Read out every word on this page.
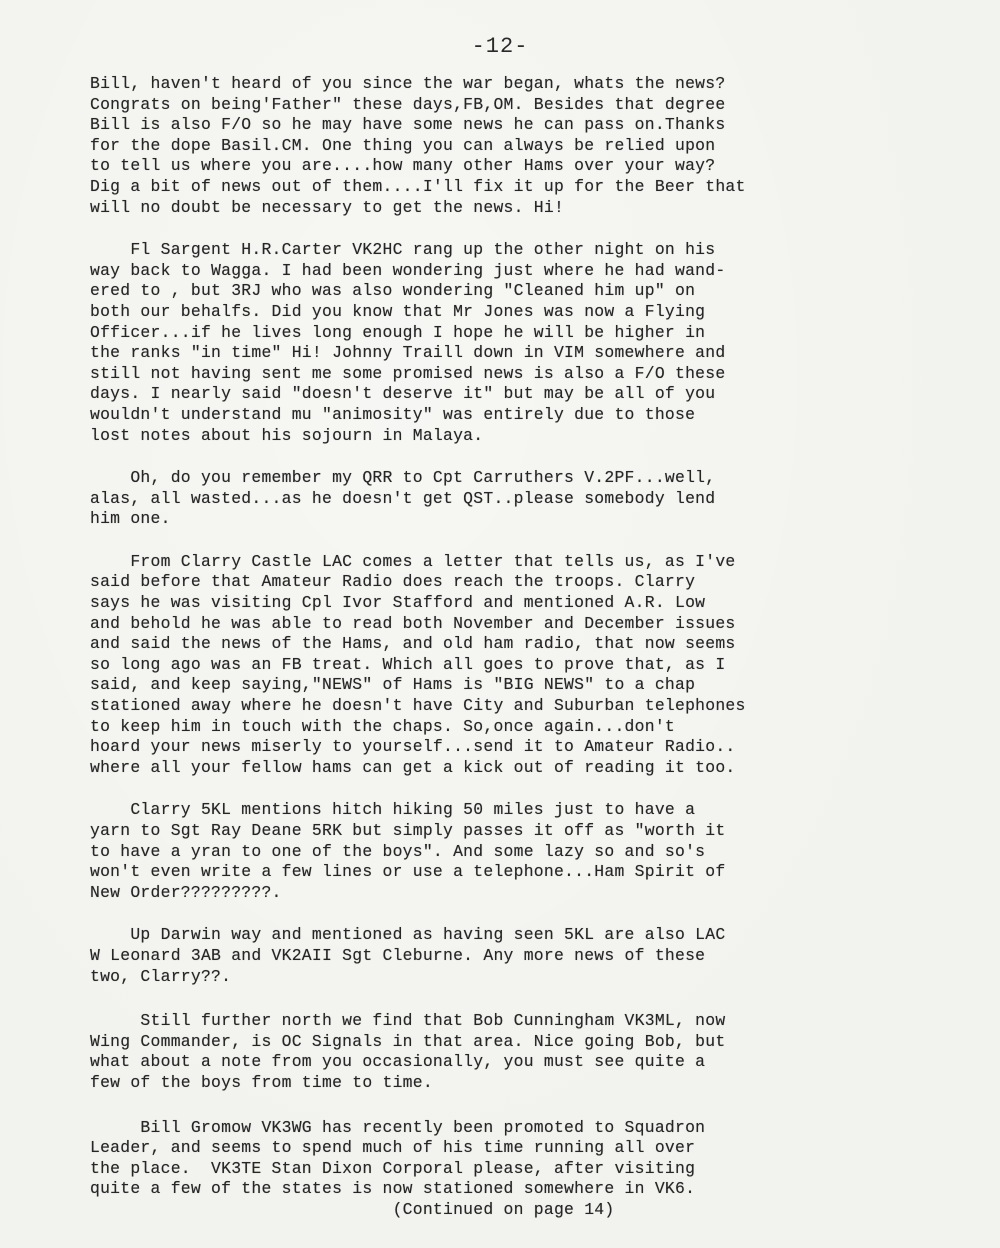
-12-
Bill, haven't heard of you since the war began, whats the news?
Congrats on being'Father" these days,FB,OM. Besides that degree
Bill is also F/O so he may have some news he can pass on.Thanks
for the dope Basil.CM. One thing you can always be relied upon
to tell us where you are....how many other Hams over your way?
Dig a bit of news out of them....I'll fix it up for the Beer that
will no doubt be necessary to get the news. Hi!
Fl Sargent H.R.Carter VK2HC rang up the other night on his
way back to Wagga. I had been wondering just where he had wand-
ered to , but 3RJ who was also wondering "Cleaned him up" on
both our behalfs. Did you know that Mr Jones was now a Flying
Officer...if he lives long enough I hope he will be higher in
the ranks "in time" Hi! Johnny Traill down in VIM somewhere and
still not having sent me some promised news is also a F/O these
days. I nearly said "doesn't deserve it" but may be all of you
wouldn't understand mu "animosity" was entirely due to those
lost notes about his sojourn in Malaya.
Oh, do you remember my QRR to Cpt Carruthers V.2PF...well,
alas, all wasted...as he doesn't get QST..please somebody lend
him one.
From Clarry Castle LAC comes a letter that tells us, as I've
said before that Amateur Radio does reach the troops. Clarry
says he was visiting Cpl Ivor Stafford and mentioned A.R. Low
and behold he was able to read both November and December issues
and said the news of the Hams, and old ham radio, that now seems
so long ago was an FB treat. Which all goes to prove that, as I
said, and keep saying,"NEWS" of Hams is "BIG NEWS" to a chap
stationed away where he doesn't have City and Suburban telephones
to keep him in touch with the chaps. So,once again...don't
hoard your news miserly to yourself...send it to Amateur Radio..
where all your fellow hams can get a kick out of reading it too.
Clarry 5KL mentions hitch hiking 50 miles just to have a
yarn to Sgt Ray Deane 5RK but simply passes it off as "worth it
to have a yran to one of the boys". And some lazy so and so's
won't even write a few lines or use a telephone...Ham Spirit of
New Order?????????.
Up Darwin way and mentioned as having seen 5KL are also LAC
W Leonard 3AB and VK2AII Sgt Cleburne. Any more news of these
two, Clarry??.
Still further north we find that Bob Cunningham VK3ML, now
Wing Commander, is OC Signals in that area. Nice going Bob, but
what about a note from you occasionally, you must see quite a
few of the boys from time to time.
Bill Gromow VK3WG has recently been promoted to Squadron
Leader, and seems to spend much of his time running all over
the place.  VK3TE Stan Dixon Corporal please, after visiting
quite a few of the states is now stationed somewhere in VK6.
(Continued on page 14)
